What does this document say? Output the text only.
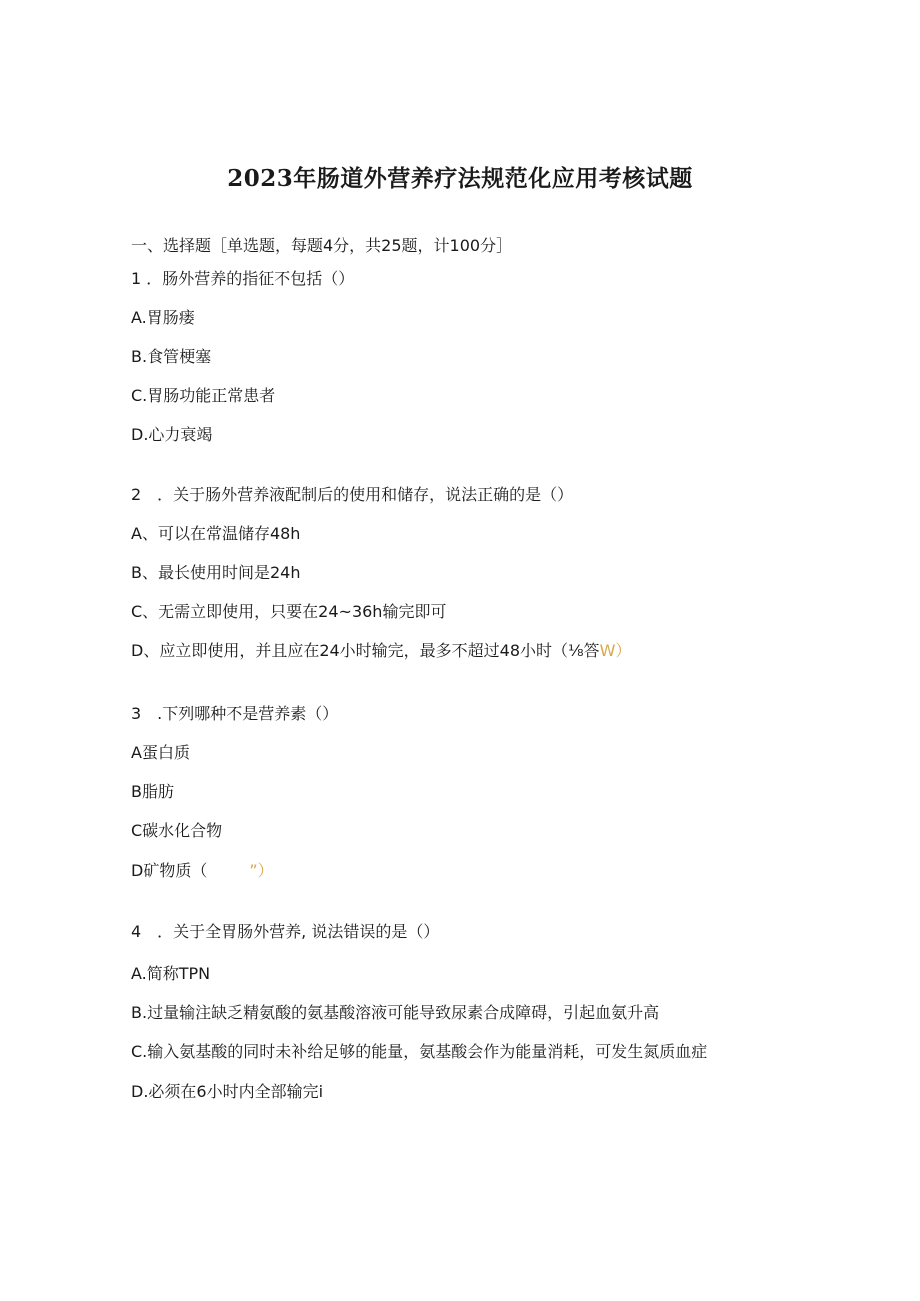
2023年肠道外营养疗法规范化应用考核试题
一、选择题［单选题，每题4分，共25题，计100分］
1 ．肠外营养的指征不包括（）
A.胃肠瘘
B.食管梗塞
C.胃肠功能正常患者
D.心力衰竭
2　．关于肠外营养液配制后的使用和储存，说法正确的是（）
A、可以在常温储存48h
B、最长使用时间是24h
C、无需立即使用，只要在24~36h输完即可
D、应立即使用，并且应在24小时输完，最多不超过48小时（⅛答W）
3　.下列哪种不是营养素（）
A蛋白质
B脂肪
C碳水化合物
D矿物质（	”）
4　．关于全胃肠外营养, 说法错误的是（）
A.简称TPN
B.过量输注缺乏精氨酸的氨基酸溶液可能导致尿素合成障碍，引起血氨升高
C.输入氨基酸的同时未补给足够的能量，氨基酸会作为能量消耗，可发生氮质血症
D.必须在6小时内全部输完i
